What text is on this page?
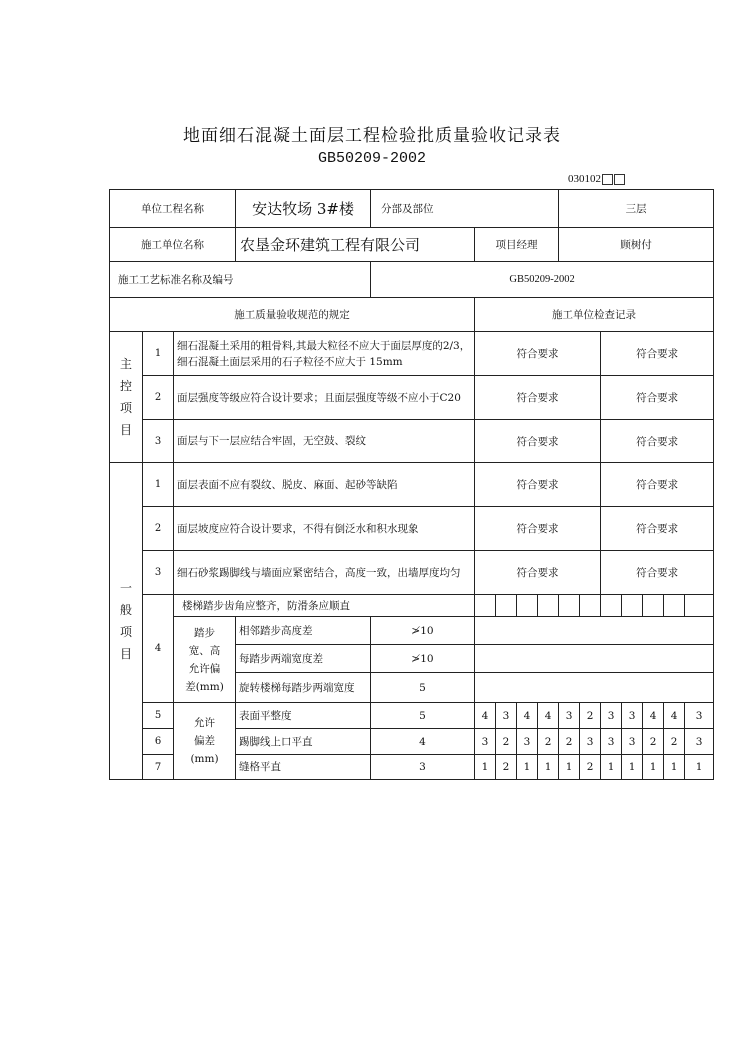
地面细石混凝土面层工程检验批质量验收记录表
GB50209-2002
030102
单位工程名称			安达牧场 3#楼	分部及部位					三层							
施工单位名称			农垦金环建筑工程有限公司		项目经理				顾树付							
施工工艺标准名称及编号				GB50209-2002												
施工质量验收规范的规定					施工单位检查记录											
主控项目	1	细石混凝土采用的粗骨料,其最大粒径不应大于面层厚度的2/3，细石混凝土面层采用的石子粒径不应大于 15mm			符合要求						符合要求					
	2	面层强度等级应符合设计要求；且面层强度等级不应小于C20			符合要求						符合要求					
	3	面层与下一层应结合牢固，无空鼓、裂纹			符合要求						符合要求					
一般项目	1	面层表面不应有裂纹、脱皮、麻面、起砂等缺陷			符合要求						符合要求					
	2	面层坡度应符合设计要求，不得有倒泛水和积水现象			符合要求						符合要求					
	3	细石砂浆踢脚线与墙面应紧密结合，高度一致，出墙厚度均匀			符合要求						符合要求					
	4	楼梯踏步齿角应整齐，防滑条应顺直														
		踏步宽、高允许偏差(mm)	相邻踏步高度差	≯10												
			每踏步两端宽度差	≯10												
			旋转楼梯每踏步两端宽度	5												
	5	允许偏差(mm)	表面平整度	5	4	3	4	4	3	2	3	3	4	4	3	
	6		踢脚线上口平直	4	3	2	3	2	2	3	3	3	2	2	3	
	7		缝格平直	3	1	2	1	1	1	2	1	1	1	1	1	
